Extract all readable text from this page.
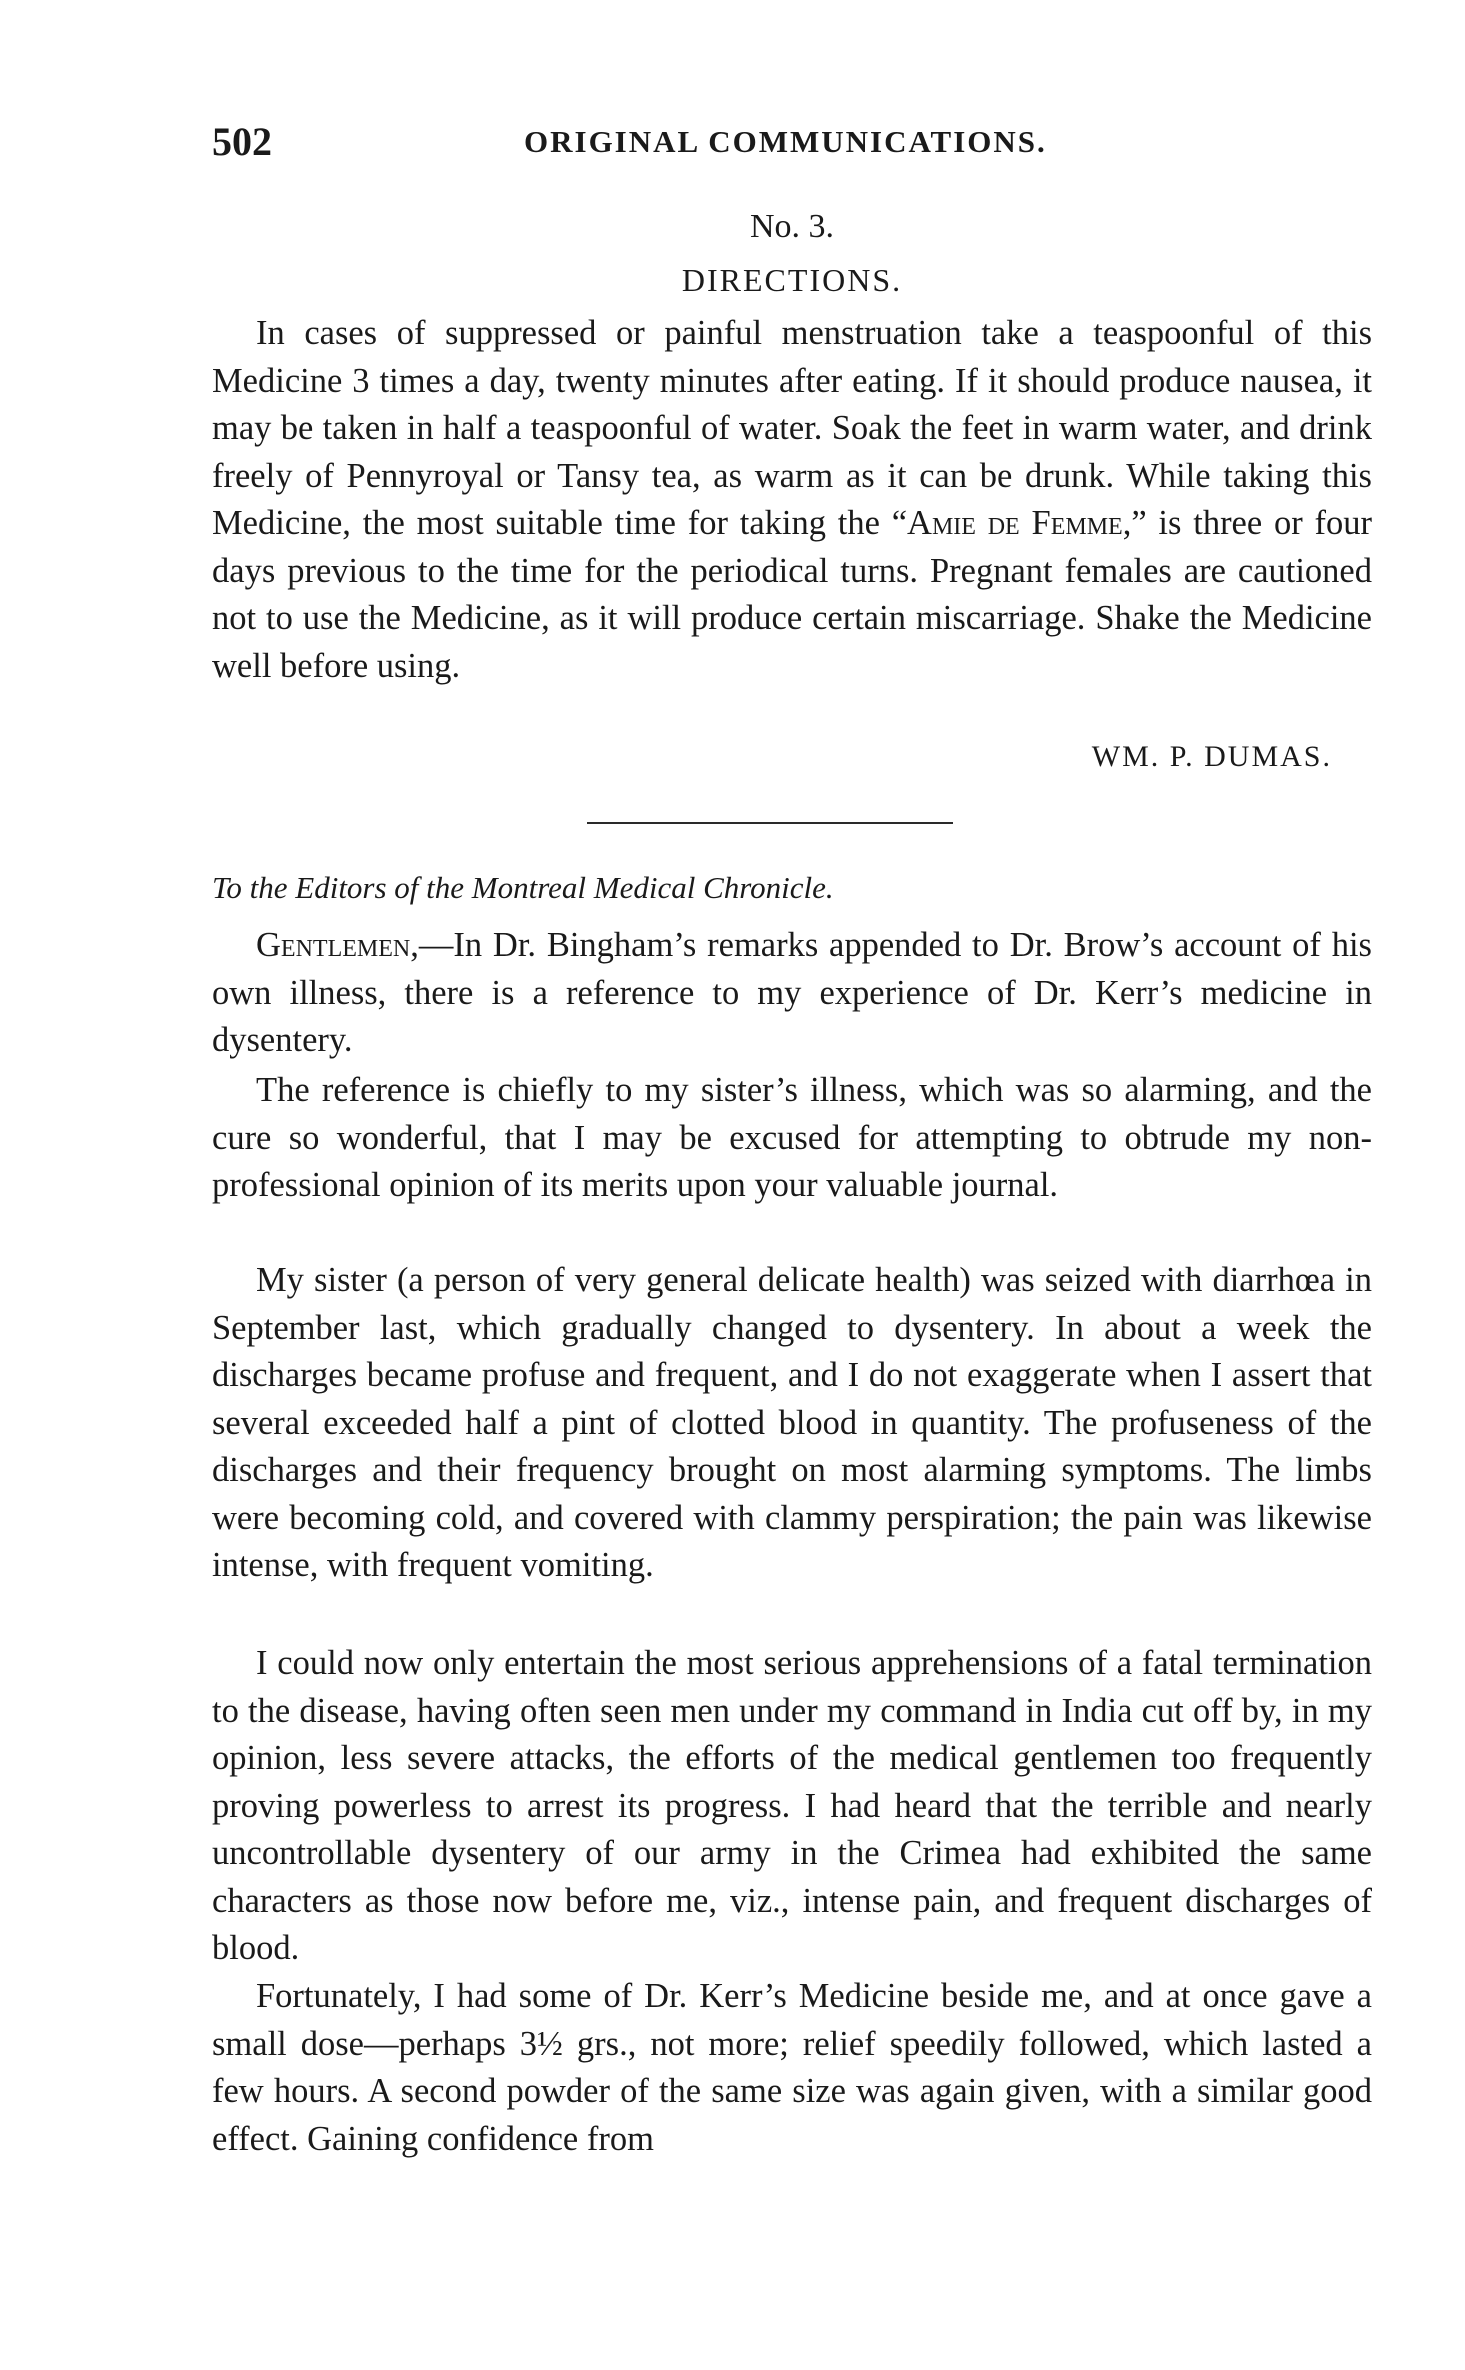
502	ORIGINAL COMMUNICATIONS.
No. 3.
DIRECTIONS.

In cases of suppressed or painful menstruation take a teaspoonful of this Medicine 3 times a day, twenty minutes after eating. If it should produce nausea, it may be taken in half a teaspoonful of water. Soak the feet in warm water, and drink freely of Pennyroyal or Tansy tea, as warm as it can be drunk. While taking this Medicine, the most suitable time for taking the “Amie de Femme,” is three or four days previous to the time for the periodical turns. Pregnant females are cautioned not to use the Medicine, as it will produce certain miscarriage. Shake the Medicine well before using.

WM. P. DUMAS.
To the Editors of the Montreal Medical Chronicle.

Gentlemen,—In Dr. Bingham’s remarks appended to Dr. Brow’s account of his own illness, there is a reference to my experience of Dr. Kerr’s medicine in dysentery.

The reference is chiefly to my sister’s illness, which was so alarming, and the cure so wonderful, that I may be excused for attempting to obtrude my non-professional opinion of its merits upon your valuable journal.

My sister (a person of very general delicate health) was seized with diarrhœa in September last, which gradually changed to dysentery. In about a week the discharges became profuse and frequent, and I do not exaggerate when I assert that several exceeded half a pint of clotted blood in quantity. The profuseness of the discharges and their frequency brought on most alarming symptoms. The limbs were becoming cold, and covered with clammy perspiration; the pain was likewise intense, with frequent vomiting.

I could now only entertain the most serious apprehensions of a fatal termination to the disease, having often seen men under my command in India cut off by, in my opinion, less severe attacks, the efforts of the medical gentlemen too frequently proving powerless to arrest its progress. I had heard that the terrible and nearly uncontrollable dysentery of our army in the Crimea had exhibited the same characters as those now before me, viz., intense pain, and frequent discharges of blood.

Fortunately, I had some of Dr. Kerr’s Medicine beside me, and at once gave a small dose—perhaps 3½ grs., not more; relief speedily followed, which lasted a few hours. A second powder of the same size was again given, with a similar good effect. Gaining confidence from
